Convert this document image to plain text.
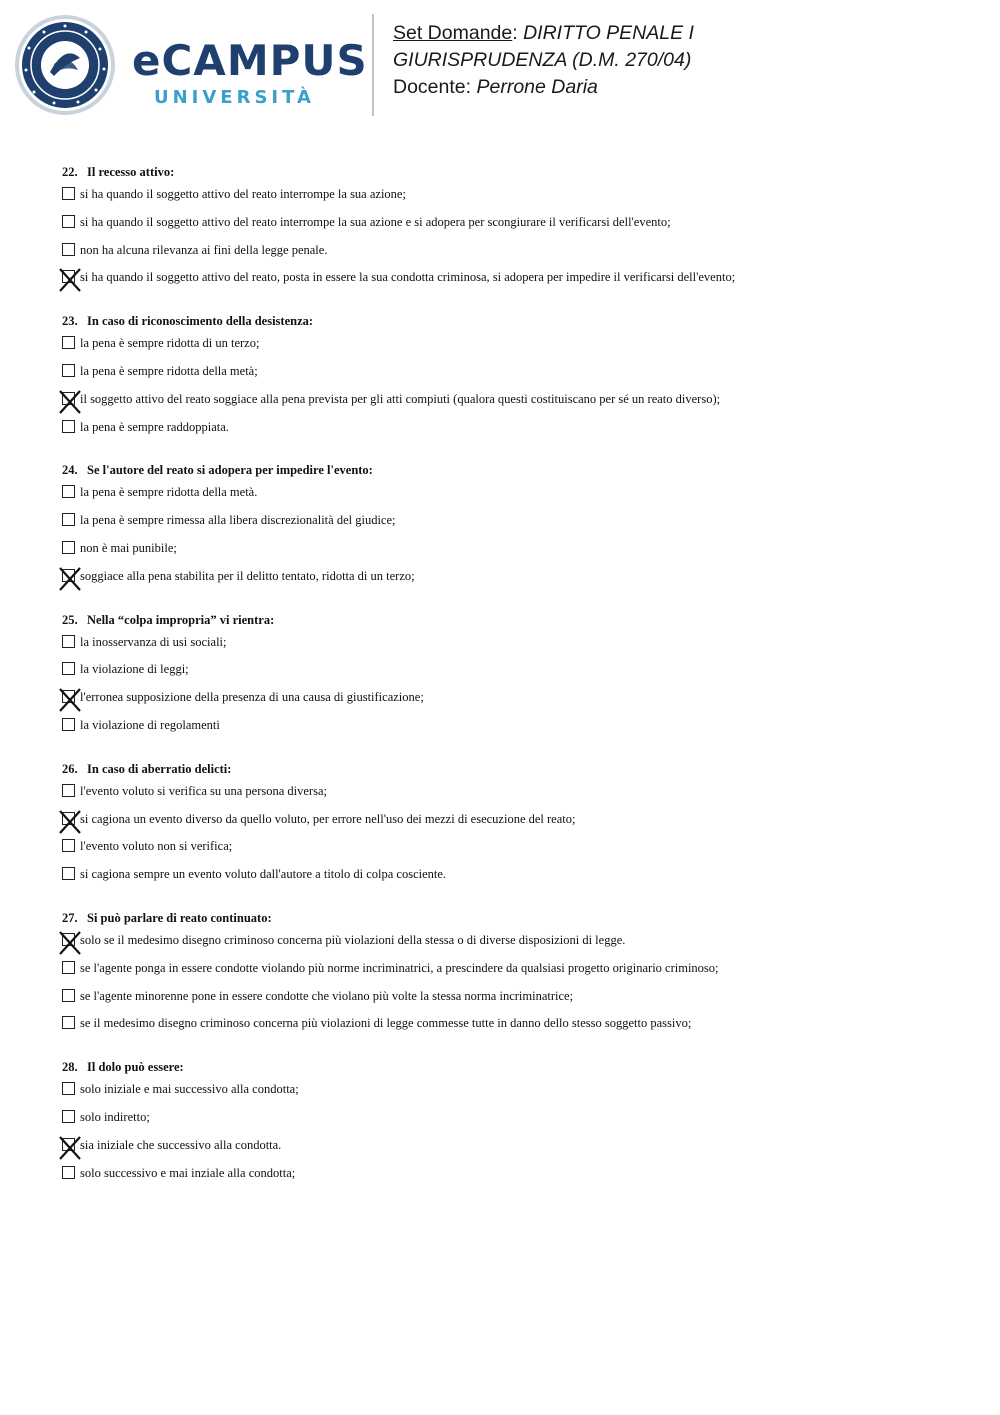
eCAMPUS
UNIVERSITÀ
Set Domande: DIRITTO PENALE I
GIURISPRUDENZA (D.M. 270/04)
Docente: Perrone Daria
22. Il recesso attivo:
si ha quando il soggetto attivo del reato interrompe la sua azione;
si ha quando il soggetto attivo del reato interrompe la sua azione e si adopera per scongiurare il verificarsi dell'evento;
non ha alcuna rilevanza ai fini della legge penale.
si ha quando il soggetto attivo del reato, posta in essere la sua condotta criminosa, si adopera per impedire il verificarsi dell'evento;
23. In caso di riconoscimento della desistenza:
la pena è sempre ridotta di un terzo;
la pena è sempre ridotta della metà;
il soggetto attivo del reato soggiace alla pena prevista per gli atti compiuti (qualora questi costituiscano per sé un reato diverso);
la pena è sempre raddoppiata.
24. Se l'autore del reato si adopera per impedire l'evento:
la pena è sempre ridotta della metà.
la pena è sempre rimessa alla libera discrezionalità del giudice;
non è mai punibile;
soggiace alla pena stabilita per il delitto tentato, ridotta di un terzo;
25. Nella “colpa impropria” vi rientra:
la inosservanza di usi sociali;
la violazione di leggi;
l'erronea supposizione della presenza di una causa di giustificazione;
la violazione di regolamenti
26. In caso di aberratio delicti:
l'evento voluto si verifica su una persona diversa;
si cagiona un evento diverso da quello voluto, per errore nell'uso dei mezzi di esecuzione del reato;
l'evento voluto non si verifica;
si cagiona sempre un evento voluto dall'autore a titolo di colpa cosciente.
27. Si può parlare di reato continuato:
solo se il medesimo disegno criminoso concerna più violazioni della stessa o di diverse disposizioni di legge.
se l'agente ponga in essere condotte violando più norme incriminatrici, a prescindere da qualsiasi progetto originario criminoso;
se l'agente minorenne pone in essere condotte che violano più volte la stessa norma incriminatrice;
se il medesimo disegno criminoso concerna più violazioni di legge commesse tutte in danno dello stesso soggetto passivo;
28. Il dolo può essere:
solo iniziale e mai successivo alla condotta;
solo indiretto;
sia iniziale che successivo alla condotta.
solo successivo e mai inziale alla condotta;
